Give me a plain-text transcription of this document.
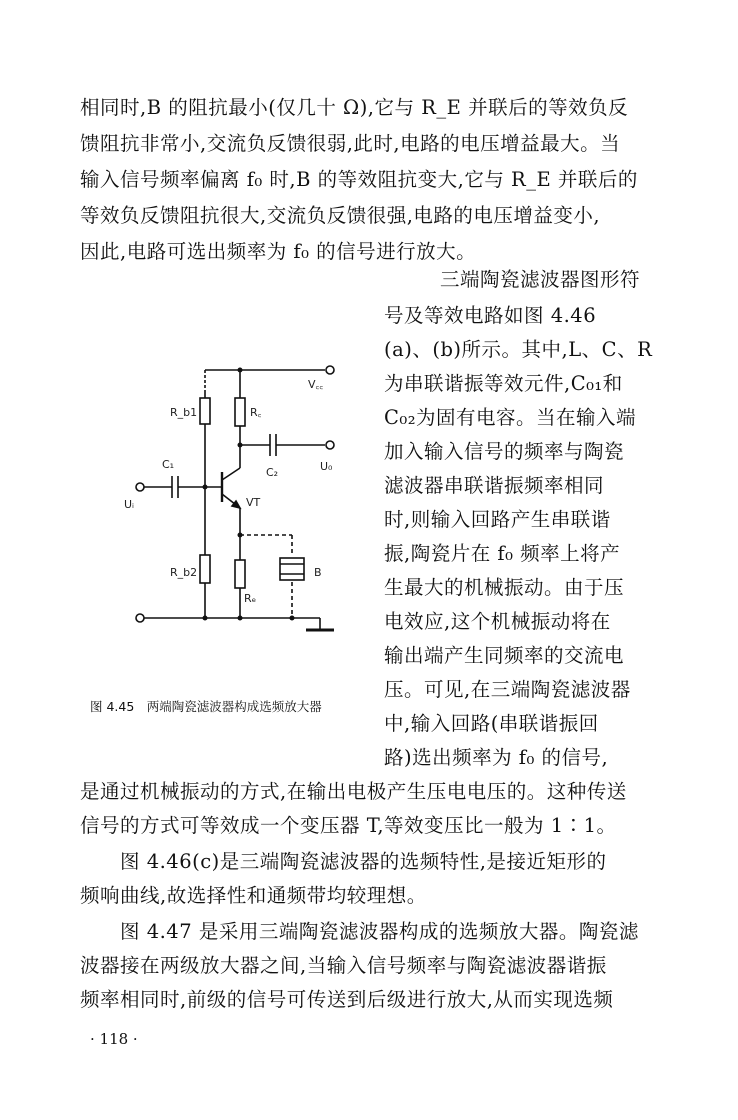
相同时,B 的阻抗最小(仅几十 Ω),它与 R_E 并联后的等效负反
馈阻抗非常小,交流负反馈很弱,此时,电路的电压增益最大。当
输入信号频率偏离 f₀ 时,B 的等效阻抗变大,它与 R_E 并联后的
等效负反馈阻抗很大,交流负反馈很强,电路的电压增益变小,
因此,电路可选出频率为 f₀ 的信号进行放大。
三端陶瓷滤波器图形符
号及等效电路如图 4.46
(a)、(b)所示。其中,L、C、R
为串联谐振等效元件,C₀₁和
C₀₂为固有电容。当在输入端
加入输入信号的频率与陶瓷
滤波器串联谐振频率相同
时,则输入回路产生串联谐
振,陶瓷片在 f₀ 频率上将产
生最大的机械振动。由于压
电效应,这个机械振动将在
输出端产生同频率的交流电
压。可见,在三端陶瓷滤波器
中,输入回路(串联谐振回
路)选出频率为 f₀ 的信号,
是通过机械振动的方式,在输出电极产生压电电压的。这种传送
信号的方式可等效成一个变压器 T,等效变压比一般为 1∶1。
图 4.46(c)是三端陶瓷滤波器的选频特性,是接近矩形的
频响曲线,故选择性和通频带均较理想。
图 4.47 是采用三端陶瓷滤波器构成的选频放大器。陶瓷滤
波器接在两级放大器之间,当输入信号频率与陶瓷滤波器谐振
频率相同时,前级的信号可传送到后级进行放大,从而实现选频
V꜀꜀
R_b1	R꜀
C₁
C₂
Uᵢ
U₀
VT
R_b2
Rₑ
B
图 4.45　两端陶瓷滤波器构成选频放大器
· 118 ·
